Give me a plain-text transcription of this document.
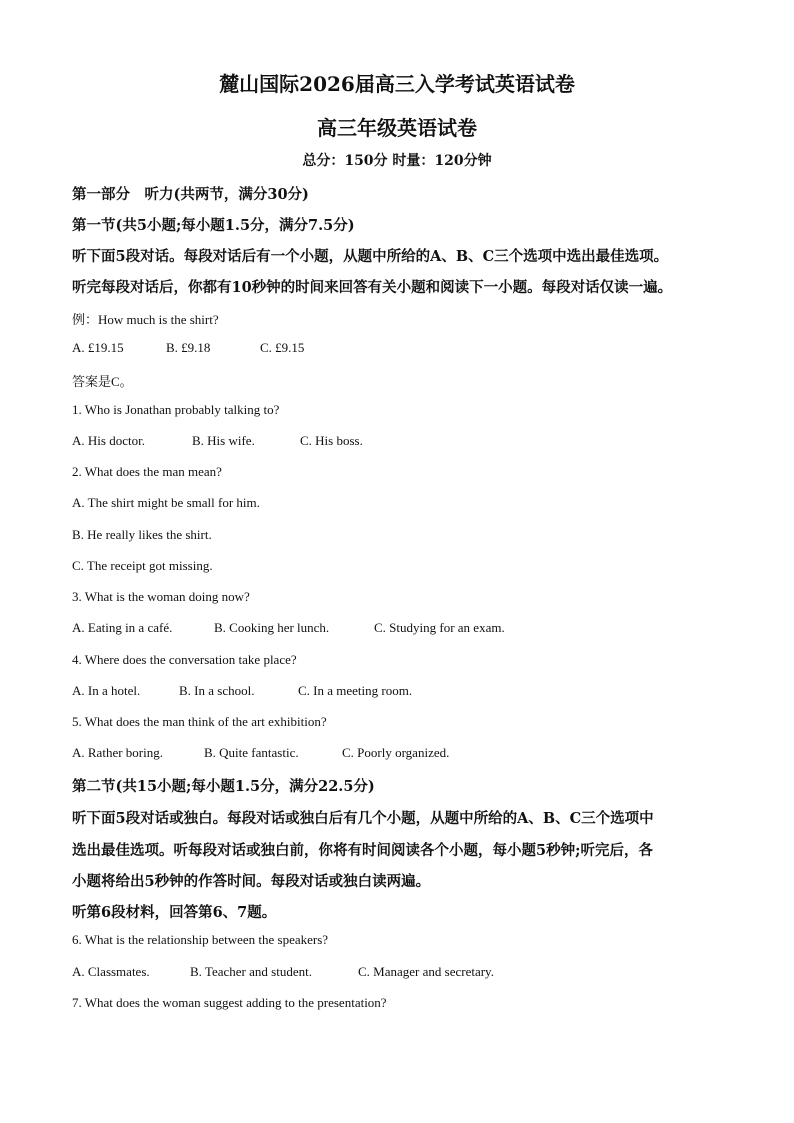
麓山国际2026届高三入学考试英语试卷
高三年级英语试卷
总分：150分 时量：120分钟
第一部分　听力(共两节，满分30分)
第一节(共5小题;每小题1.5分，满分7.5分)
听下面5段对话。每段对话后有一个小题，从题中所给的A、B、C三个选项中选出最佳选项。
听完每段对话后，你都有10秒钟的时间来回答有关小题和阅读下一小题。每段对话仅读一遍。
例：How much is the shirt?
A. £19.15	B. £9.18	C. £9.15
答案是C。
1. Who is Jonathan probably talking to?
A. His doctor.	B. His wife.	C. His boss.
2. What does the man mean?
A. The shirt might be small for him.
B. He really likes the shirt.
C. The receipt got missing.
3. What is the woman doing now?
A. Eating in a café.	B. Cooking her lunch.	C. Studying for an exam.
4. Where does the conversation take place?
A. In a hotel.	B. In a school.	C. In a meeting room.
5. What does the man think of the art exhibition?
A. Rather boring.	B. Quite fantastic.	C. Poorly organized.
第二节(共15小题;每小题1.5分，满分22.5分)
听下面5段对话或独白。每段对话或独白后有几个小题，从题中所给的A、B、C三个选项中
选出最佳选项。听每段对话或独白前，你将有时间阅读各个小题，每小题5秒钟;听完后，各
小题将给出5秒钟的作答时间。每段对话或独白读两遍。
听第6段材料，回答第6、7题。
6. What is the relationship between the speakers?
A. Classmates.	B. Teacher and student.	C. Manager and secretary.
7. What does the woman suggest adding to the presentation?
